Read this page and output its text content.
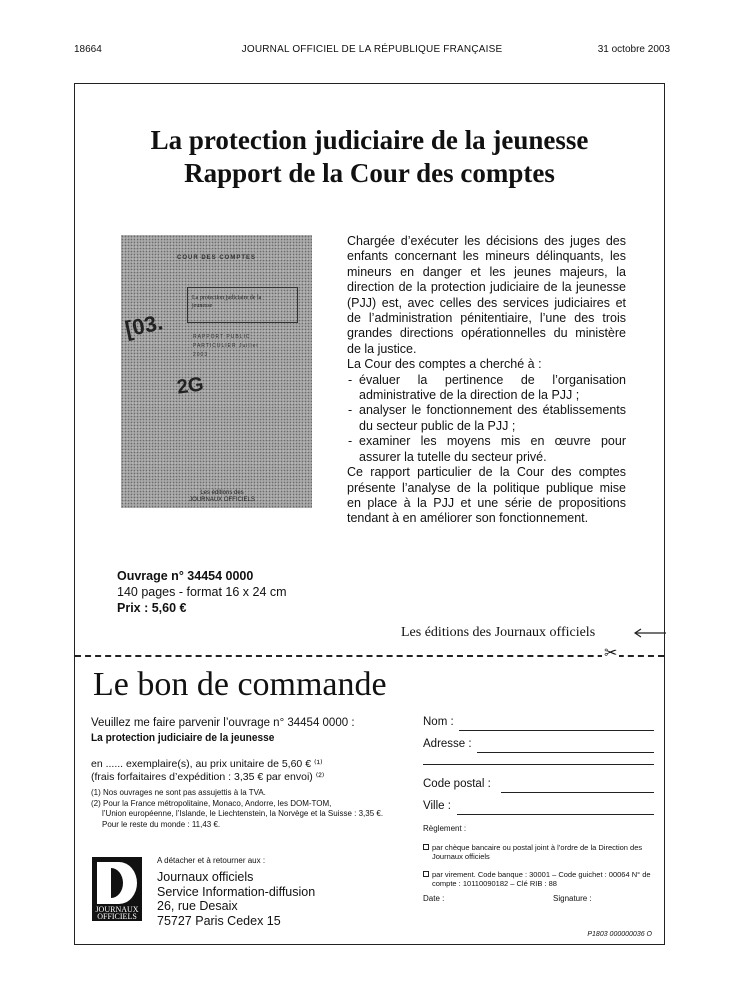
18664	JOURNAL OFFICIEL DE LA RÉPUBLIQUE FRANÇAISE	31 octobre 2003
La protection judiciaire de la jeunesse
Rapport de la Cour des comptes
COUR DES COMPTES
La protection judiciaire de la jeunesse
RAPPORT PUBLIC PARTICULIER Juillet 2003
[03.
2G
Les éditions des JOURNAUX OFFICIELS

Chargée d’exécuter les décisions des juges des enfants concernant les mineurs délinquants, les mineurs en danger et les jeunes majeurs, la direction de la protection judiciaire de la jeunesse (PJJ) est, avec celles des services judiciaires et de l’administration pénitentiaire, l’une des trois grandes directions opérationnelles du ministère de la justice.

La Cour des comptes a cherché à :

- évaluer la pertinence de l’organisation administrative de la direction de la PJJ ;
- analyser le fonctionnement des établissements du secteur public de la PJJ ;
- examiner les moyens mis en œuvre pour assurer la tutelle du secteur privé.

Ce rapport particulier de la Cour des comptes présente l’analyse de la politique publique mise en place à la PJJ et une série de propositions tendant à en améliorer son fonctionnement.

Ouvrage n° 34454 0000
140 pages - format 16 x 24 cm
Prix : 5,60 €
Les éditions des Journaux officiels
✂
Le bon de commande
Veuillez me faire parvenir l’ouvrage n° 34454 0000 :
La protection judiciaire de la jeunesse
en ...... exemplaire(s), au prix unitaire de 5,60 € ⁽¹⁾
(frais forfaitaires d’expédition : 3,35 € par envoi) ⁽²⁾
(1) Nos ouvrages ne sont pas assujettis à la TVA.
(2) Pour la France métropolitaine, Monaco, Andorre, les DOM-TOM,
l’Union européenne, l’Islande, le Liechtenstein, la Norvège et la Suisse : 3,35 €.
Pour le reste du monde : 11,43 €.
JOURNAUX
OFFICIELS
A détacher et à retourner aux :
Journaux officiels
Service Information-diffusion
26, rue Desaix
75727 Paris Cedex 15
Nom :
Adresse :
Code postal :
Ville :
Règlement :
par chèque bancaire ou postal joint à l’ordre de la Direction des Journaux officiels
par virement. Code banque : 30001 – Code guichet : 00064 N° de compte : 10110090182 – Clé RIB : 88
Date :	Signature :
P1803 000000036 O
